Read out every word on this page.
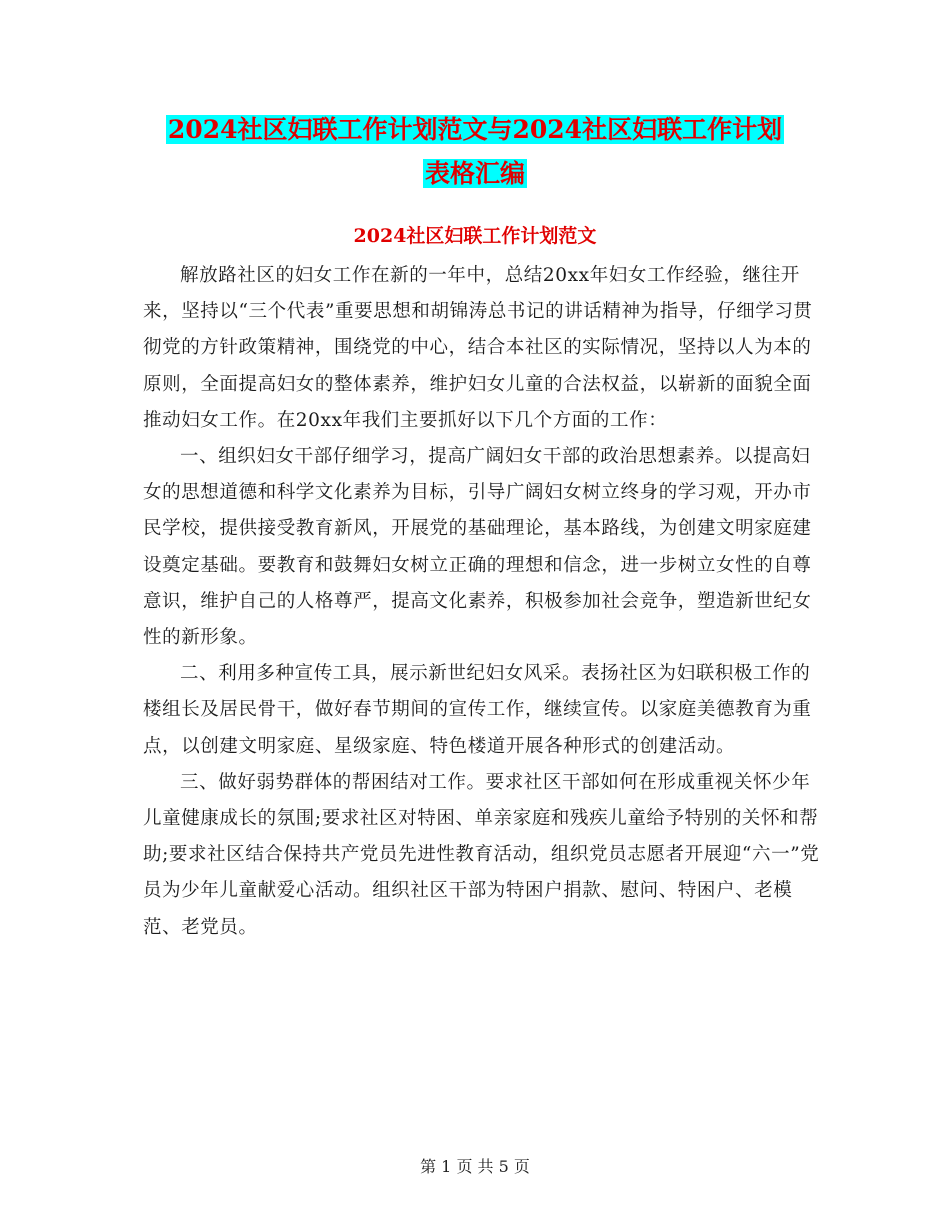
2024社区妇联工作计划范文与2024社区妇联工作计划
表格汇编
2024社区妇联工作计划范文

解放路社区的妇女工作在新的一年中，总结20xx年妇女工作经验，继往开来，坚持以“三个代表”重要思想和胡锦涛总书记的讲话精神为指导，仔细学习贯彻党的方针政策精神，围绕党的中心，结合本社区的实际情况，坚持以人为本的原则，全面提高妇女的整体素养，维护妇女儿童的合法权益，以崭新的面貌全面推动妇女工作。在20xx年我们主要抓好以下几个方面的工作：

一、组织妇女干部仔细学习，提高广阔妇女干部的政治思想素养。以提高妇女的思想道德和科学文化素养为目标，引导广阔妇女树立终身的学习观，开办市民学校，提供接受教育新风，开展党的基础理论，基本路线，为创建文明家庭建设奠定基础。要教育和鼓舞妇女树立正确的理想和信念，进一步树立女性的自尊意识，维护自己的人格尊严，提高文化素养，积极参加社会竞争，塑造新世纪女性的新形象。

二、利用多种宣传工具，展示新世纪妇女风采。表扬社区为妇联积极工作的楼组长及居民骨干，做好春节期间的宣传工作，继续宣传。以家庭美德教育为重点，以创建文明家庭、星级家庭、特色楼道开展各种形式的创建活动。

三、做好弱势群体的帮困结对工作。要求社区干部如何在形成重视关怀少年儿童健康成长的氛围;要求社区对特困、单亲家庭和残疾儿童给予特别的关怀和帮助;要求社区结合保持共产党员先进性教育活动，组织党员志愿者开展迎“六一”党员为少年儿童献爱心活动。组织社区干部为特困户捐款、慰问、特困户、老模范、老党员。

第 1 页 共 5 页
